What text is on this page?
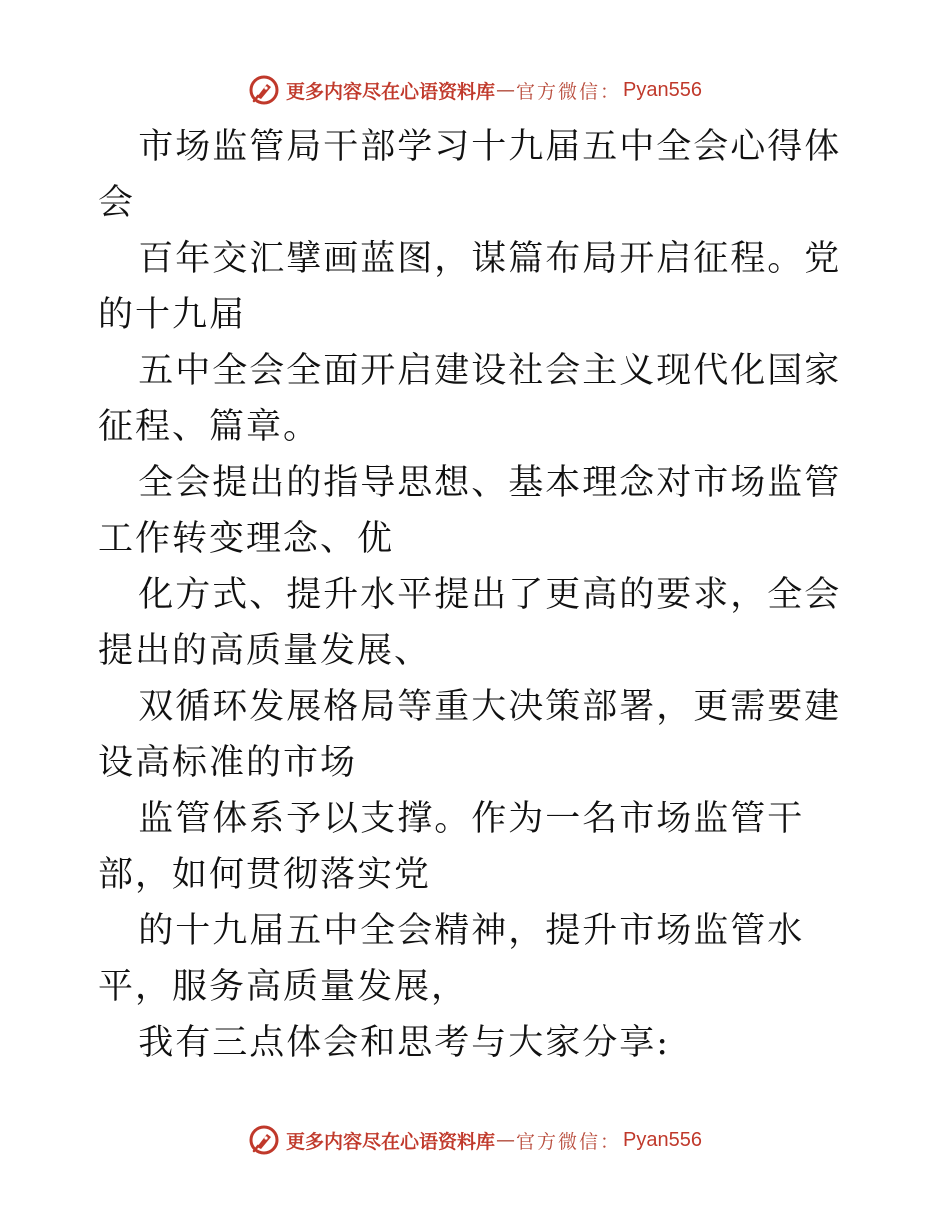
更多内容尽在心语资料库 — 官方微信： Pyan556

市场监管局干部学习十九届五中全会心得体会

百年交汇擘画蓝图，谋篇布局开启征程。党的十九届

五中全会全面开启建设社会主义现代化国家征程、篇章。

全会提出的指导思想、基本理念对市场监管工作转变理念、优

化方式、提升水平提出了更高的要求，全会提出的高质量发展、

双循环发展格局等重大决策部署，更需要建设高标准的市场

监管体系予以支撑。作为一名市场监管干部，如何贯彻落实党

的十九届五中全会精神，提升市场监管水平，服务高质量发展，

我有三点体会和思考与大家分享:

更多内容尽在心语资料库 — 官方微信： Pyan556
